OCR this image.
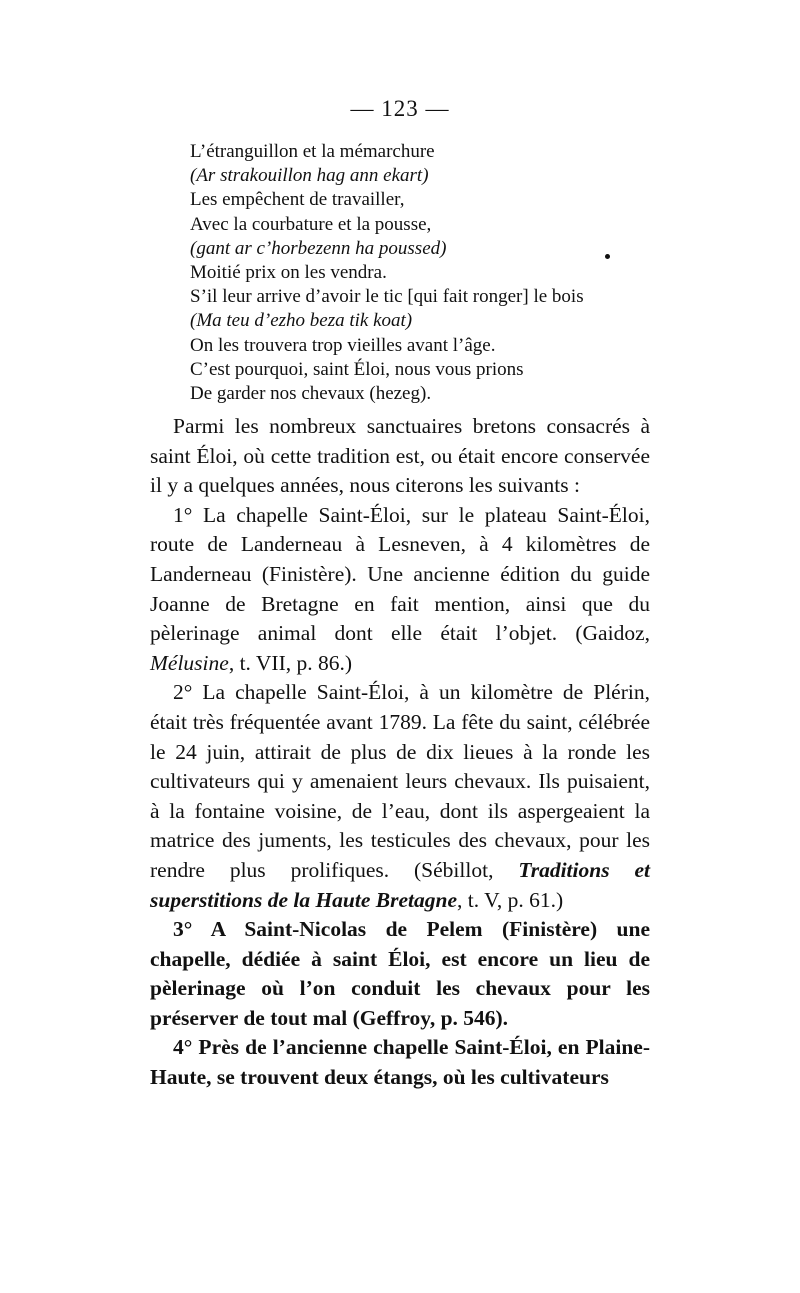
— 123 —
L’étranguillon et la mémarchure
(Ar strakouillon hag ann ekart)
Les empêchent de travailler,
Avec la courbature et la pousse,
(gant ar c’horbezenn ha poussed)
Moitié prix on les vendra.
S’il leur arrive d’avoir le tic [qui fait ronger] le bois
(Ma teu d’ezho beza tik koat)
On les trouvera trop vieilles avant l’âge.
C’est pourquoi, saint Éloi, nous vous prions
De garder nos chevaux (hezeg).

Parmi les nombreux sanctuaires bretons consacrés à saint Éloi, où cette tradition est, ou était encore conservée il y a quelques années, nous citerons les suivants :

1° La chapelle Saint-Éloi, sur le plateau Saint-Éloi, route de Landerneau à Lesneven, à 4 kilomètres de Landerneau (Finistère). Une ancienne édition du guide Joanne de Bretagne en fait mention, ainsi que du pèlerinage animal dont elle était l’objet. (Gaidoz, Mélusine, t. VII, p. 86.)

2° La chapelle Saint-Éloi, à un kilomètre de Plérin, était très fréquentée avant 1789. La fête du saint, célébrée le 24 juin, attirait de plus de dix lieues à la ronde les cultivateurs qui y amenaient leurs chevaux. Ils puisaient, à la fontaine voisine, de l’eau, dont ils aspergeaient la matrice des juments, les testicules des chevaux, pour les rendre plus prolifiques. (Sébillot, Traditions et superstitions de la Haute Bretagne, t. V, p. 61.)

3° A Saint-Nicolas de Pelem (Finistère) une chapelle, dédiée à saint Éloi, est encore un lieu de pèlerinage où l’on conduit les chevaux pour les préserver de tout mal (Geffroy, p. 546).

4° Près de l’ancienne chapelle Saint-Éloi, en Plaine-Haute, se trouvent deux étangs, où les cultivateurs
